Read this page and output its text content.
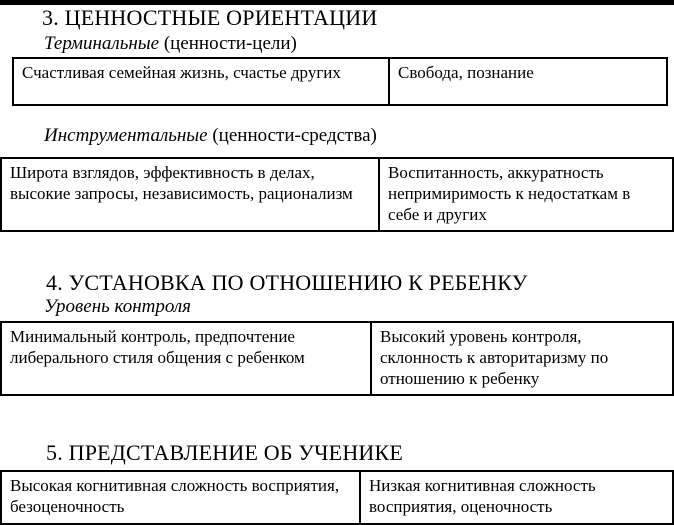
3. ЦЕННОСТНЫЕ ОРИЕНТАЦИИ
Терминальные (ценности-цели)
Счастливая семейная жизнь, счастье других	Свобода, познание
Инструментальные (ценности-средства)
Широта взглядов, эффективность в делах, высокие запросы, независимость, рационализм
Воспитанность, аккуратность непримиримость к недостаткам в себе и других
4. УСТАНОВКА ПО ОТНОШЕНИЮ К РЕБЕНКУ
Уровень контроля
Минимальный контроль, предпочтение либерального стиля общения с ребенком
Высокий уровень контроля, склонность к авторитаризму по отношению к ребенку
5. ПРЕДСТАВЛЕНИЕ ОБ УЧЕНИКЕ
Высокая когнитивная сложность восприятия, безоценочность
Низкая когнитивная сложность восприятия, оценочность
